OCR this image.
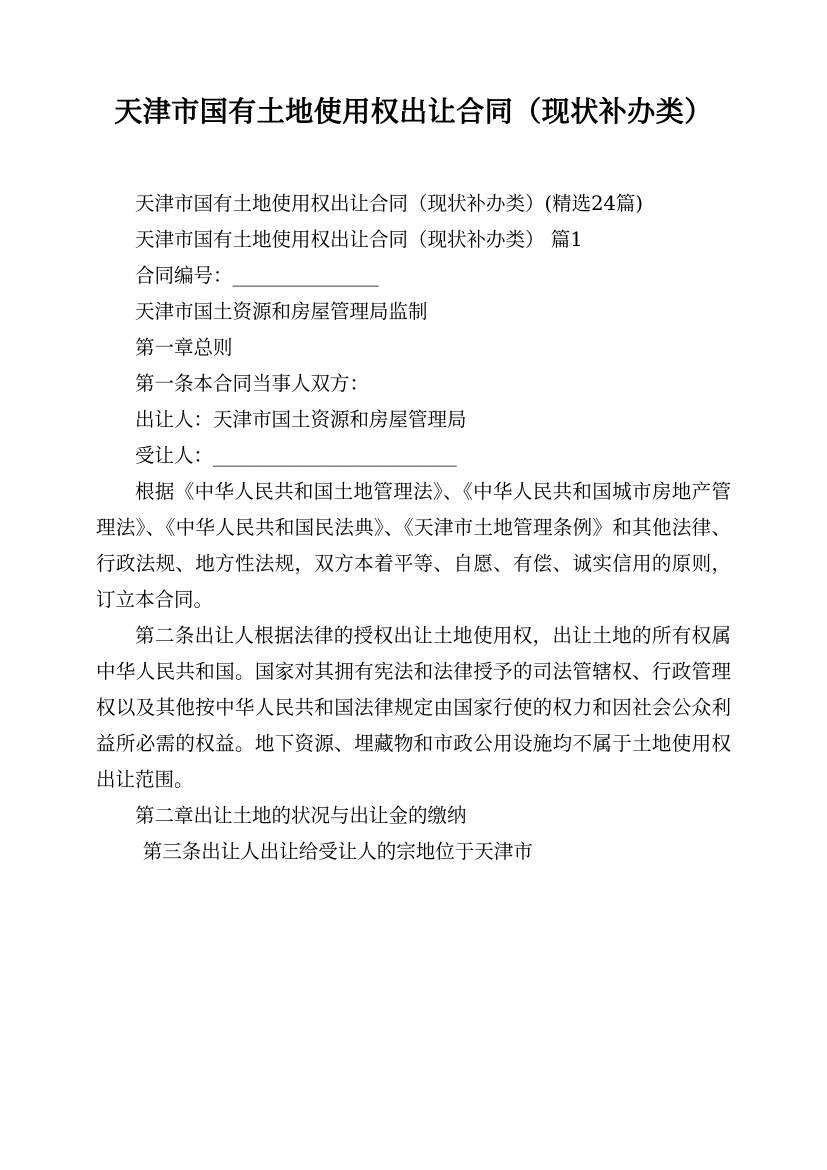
天津市国有土地使用权出让合同（现状补办类）

天津市国有土地使用权出让合同（现状补办类）(精选24篇)

天津市国有土地使用权出让合同（现状补办类） 篇1

合同编号：_______________

天津市国土资源和房屋管理局监制

第一章总则

第一条本合同当事人双方：

出让人：天津市国土资源和房屋管理局

受让人：_________________________

根据《中华人民共和国土地管理法》、《中华人民共和国城市房地产管理法》、《中华人民共和国民法典》、《天津市土地管理条例》和其他法律、行政法规、地方性法规，双方本着平等、自愿、有偿、诚实信用的原则，订立本合同。

第二条出让人根据法律的授权出让土地使用权，出让土地的所有权属中华人民共和国。国家对其拥有宪法和法律授予的司法管辖权、行政管理权以及其他按中华人民共和国法律规定由国家行使的权力和因社会公众利益所必需的权益。地下资源、埋藏物和市政公用设施均不属于土地使用权出让范围。

第二章出让土地的状况与出让金的缴纳

第三条出让人出让给受让人的宗地位于天津市
